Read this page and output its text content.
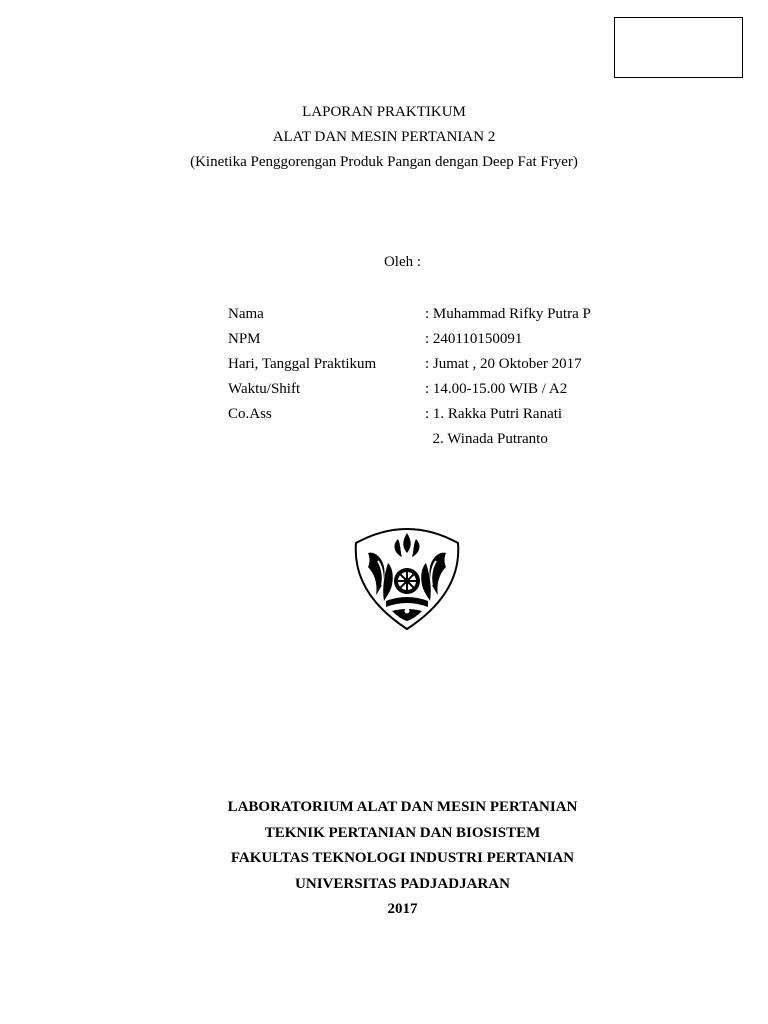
LAPORAN PRAKTIKUM
ALAT DAN MESIN PERTANIAN 2
(Kinetika Penggorengan Produk Pangan dengan Deep Fat Fryer)
Oleh :
Nama	: Muhammad Rifky Putra P
NPM	: 240110150091
Hari, Tanggal Praktikum	: Jumat , 20 Oktober 2017
Waktu/Shift	: 14.00-15.00 WIB / A2
Co.Ass	: 1. Rakka Putri Ranati
2. Winada Putranto
LABORATORIUM ALAT DAN MESIN PERTANIAN
TEKNIK PERTANIAN DAN BIOSISTEM
FAKULTAS TEKNOLOGI INDUSTRI PERTANIAN
UNIVERSITAS PADJADJARAN
2017
